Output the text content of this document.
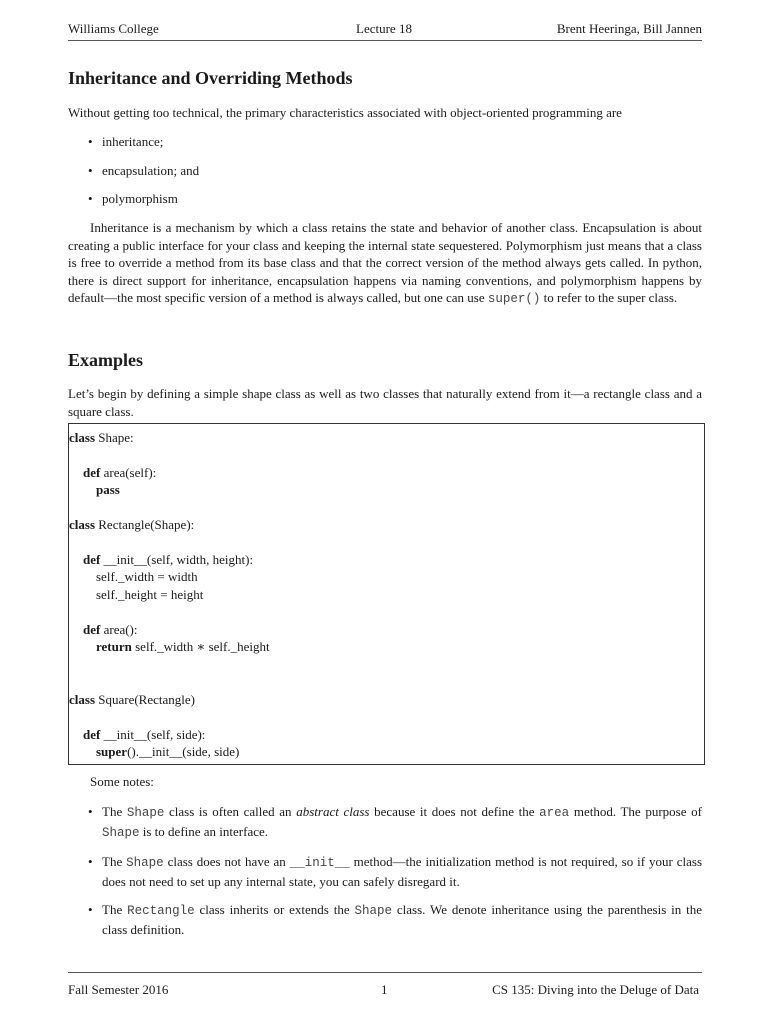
Williams College	Lecture 18	Brent Heeringa, Bill Jannen
Inheritance and Overriding Methods

Without getting too technical, the primary characteristics associated with object-oriented programming are

• inheritance;
• encapsulation; and
• polymorphism

Inheritance is a mechanism by which a class retains the state and behavior of another class. Encapsulation is about creating a public interface for your class and keeping the internal state sequestered. Polymorphism just means that a class is free to override a method from its base class and that the correct version of the method always gets called. In python, there is direct support for inheritance, encapsulation happens via naming conventions, and polymorphism happens by default—the most specific version of a method is always called, but one can use super() to refer to the super class.

Examples

Let’s begin by defining a simple shape class as well as two classes that naturally extend from it—a rectangle class and a square class.

class Shape:
def area(self):
pass
class Rectangle(Shape):
def __init__(self, width, height):
self._width = width
self._height = height
def area():
return self._width ∗ self._height
class Square(Rectangle)
def __init__(self, side):
super().__init__(side, side)

Some notes:

• The Shape class is often called an abstract class because it does not define the area method. The purpose of Shape is to define an interface.
• The Shape class does not have an __init__ method—the initialization method is not required, so if your class does not need to set up any internal state, you can safely disregard it.
• The Rectangle class inherits or extends the Shape class. We denote inheritance using the parenthesis in the class definition.
Fall Semester 2016	1	CS 135: Diving into the Deluge of Data
